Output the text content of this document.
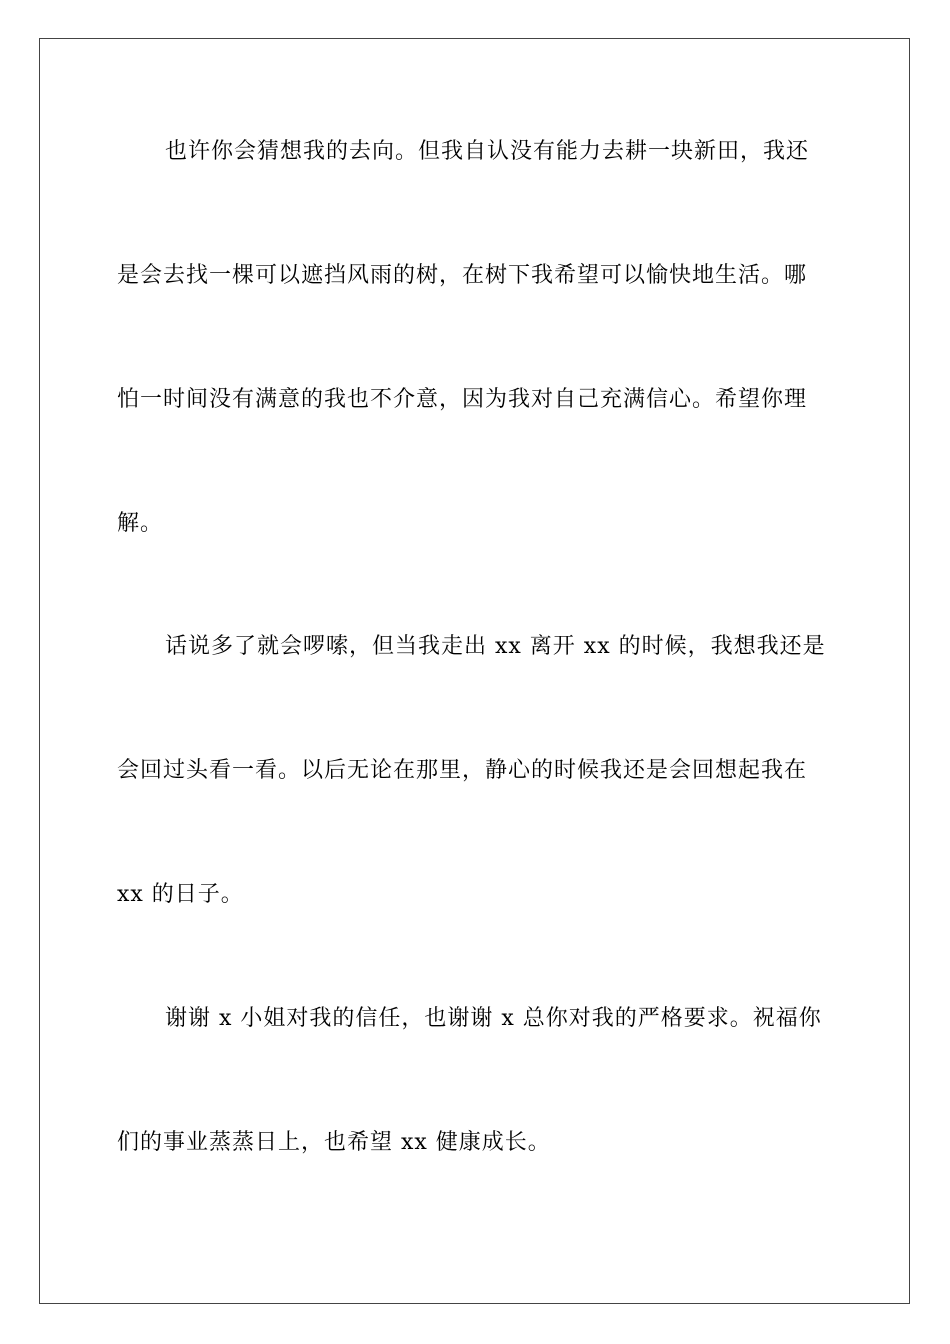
也许你会猜想我的去向。但我自认没有能力去耕一块新田，我还
是会去找一棵可以遮挡风雨的树，在树下我希望可以愉快地生活。哪
怕一时间没有满意的我也不介意，因为我对自己充满信心。希望你理
解。
话说多了就会啰嗦，但当我走出 xx 离开 xx 的时候，我想我还是
会回过头看一看。以后无论在那里，静心的时候我还是会回想起我在
xx 的日子。
谢谢 x 小姐对我的信任，也谢谢 x 总你对我的严格要求。祝福你
们的事业蒸蒸日上，也希望 xx 健康成长。
